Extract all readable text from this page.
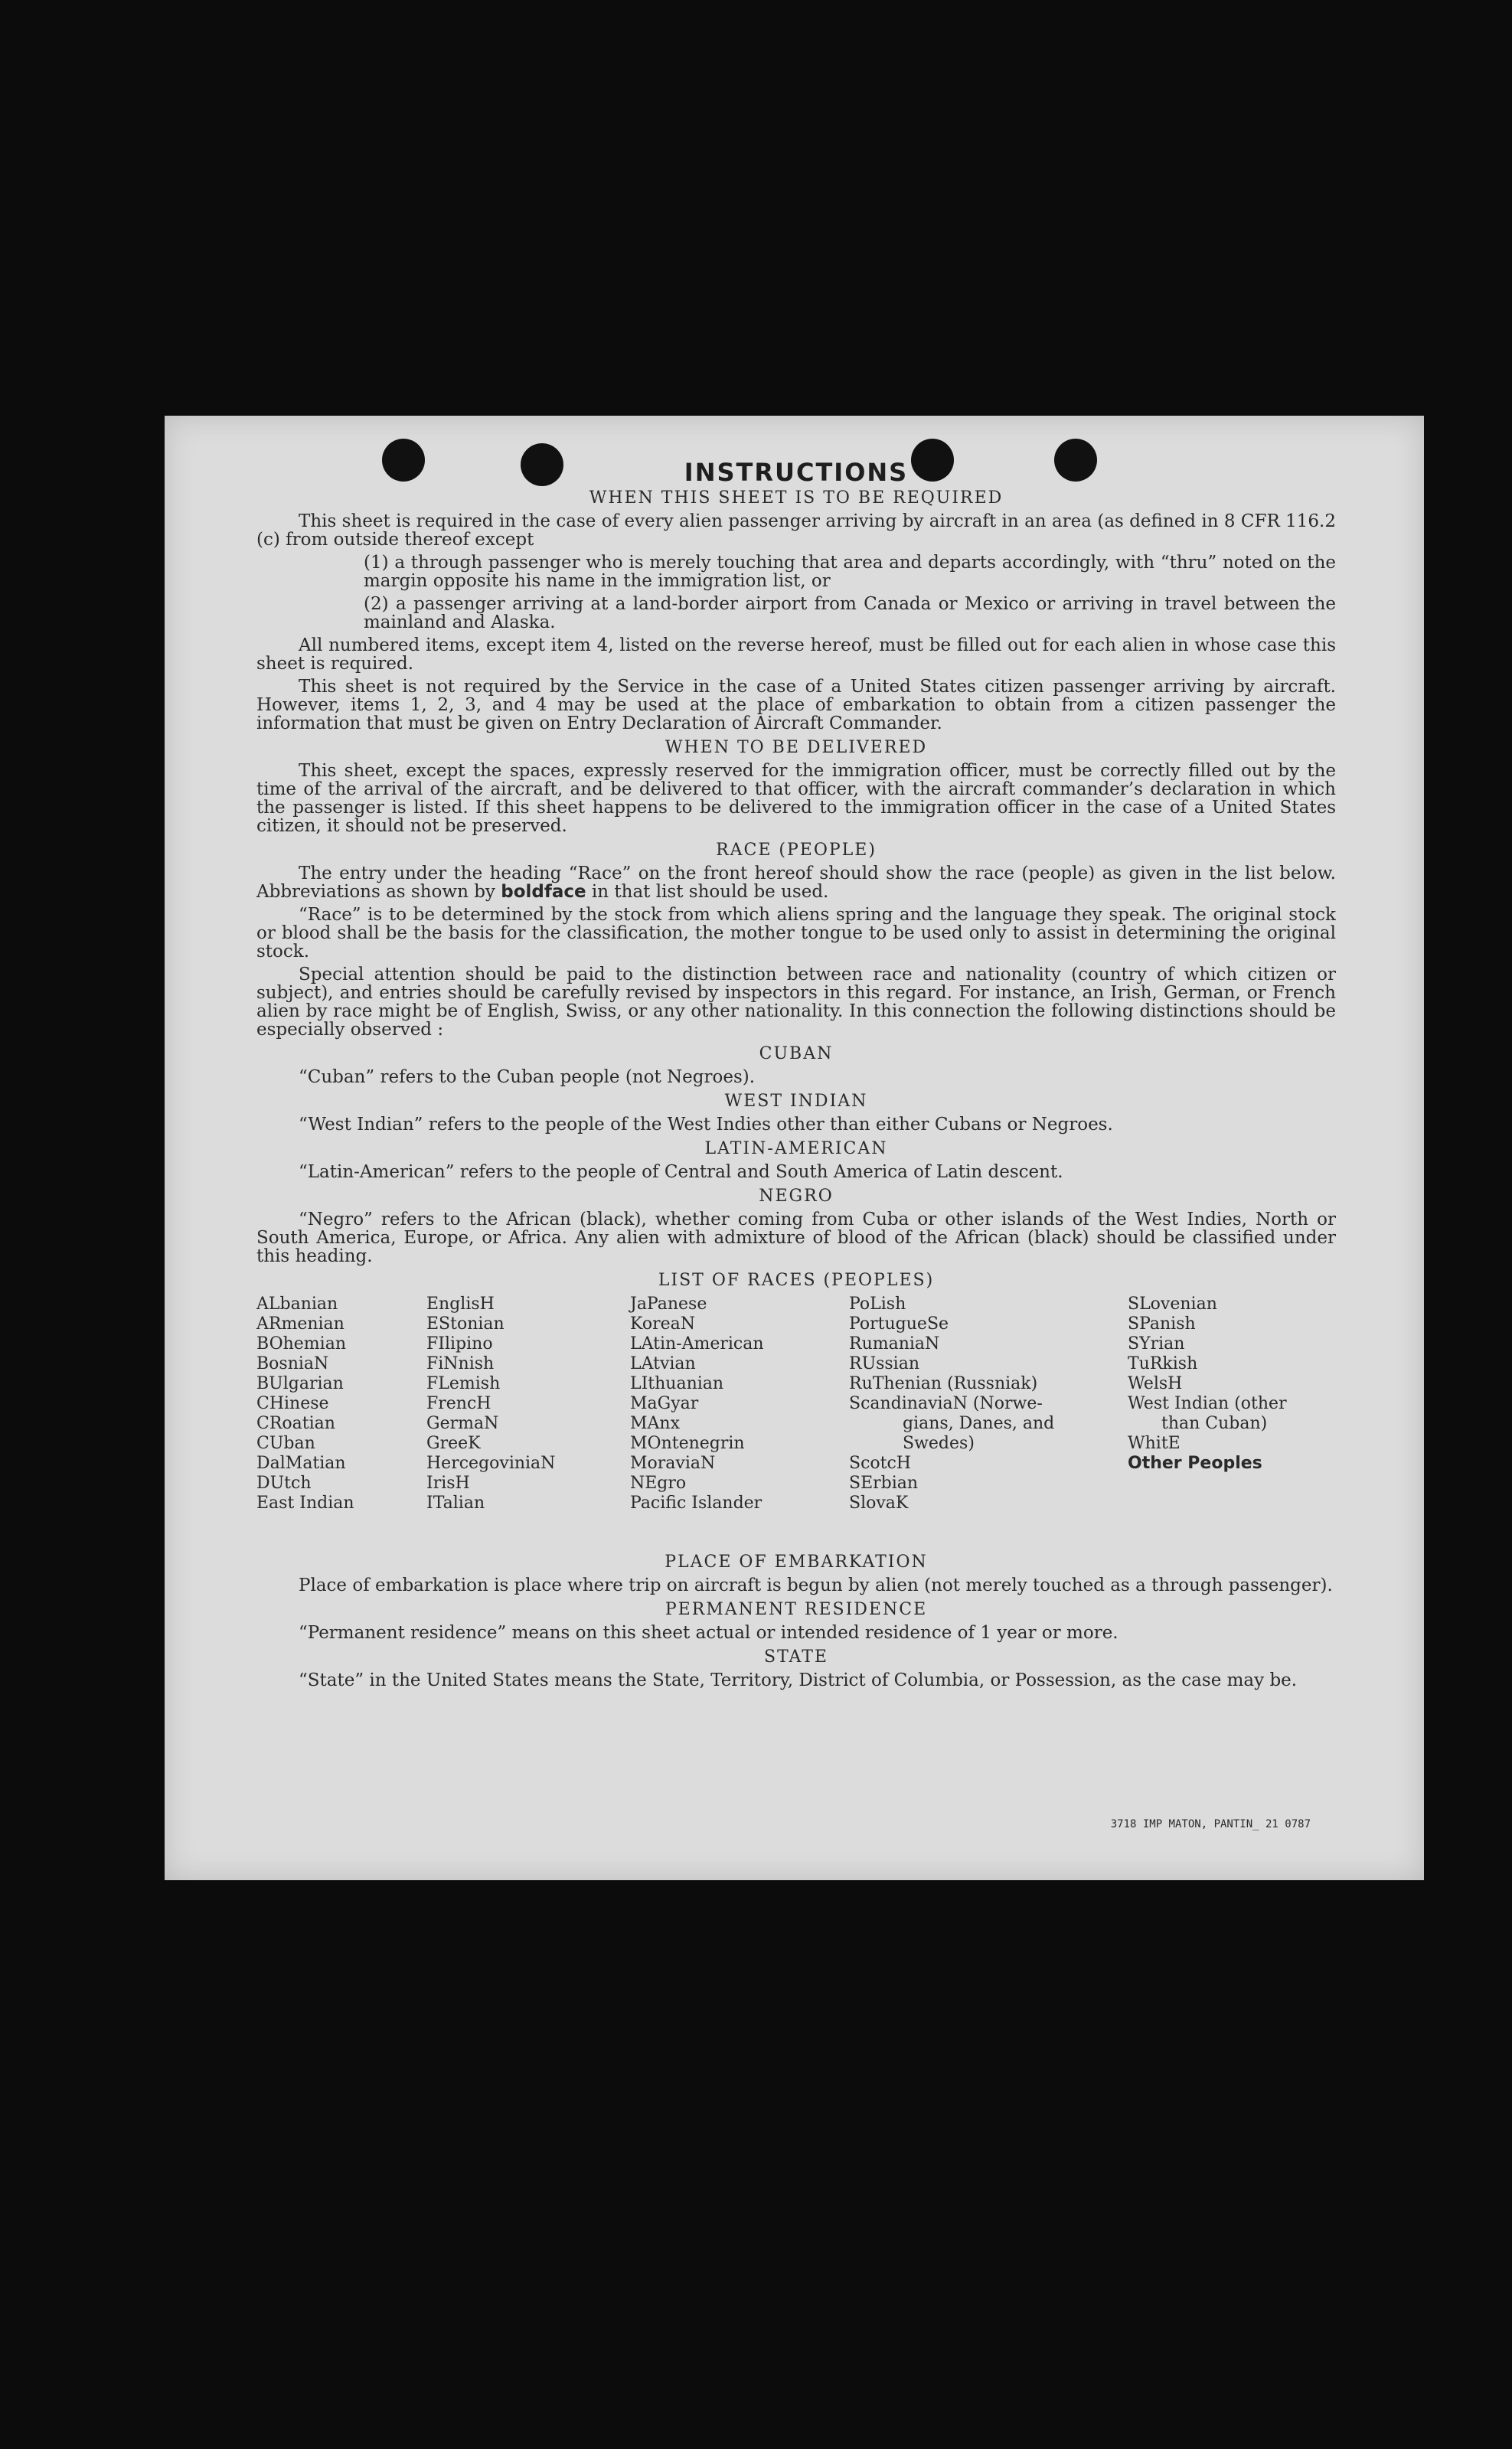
INSTRUCTIONS
WHEN THIS SHEET IS TO BE REQUIRED

This sheet is required in the case of every alien passenger arriving by aircraft in an area (as defined in 8 CFR 116.2 (c) from outside thereof except

(1) a through passenger who is merely touching that area and departs accordingly, with “thru” noted on the margin opposite his name in the immigration list, or

(2) a passenger arriving at a land-border airport from Canada or Mexico or arriving in travel between the mainland and Alaska.

All numbered items, except item 4, listed on the reverse hereof, must be filled out for each alien in whose case this sheet is required.

This sheet is not required by the Service in the case of a United States citizen passenger arriving by aircraft. However, items 1, 2, 3, and 4 may be used at the place of embarkation to obtain from a citizen passenger the information that must be given on Entry Declaration of Aircraft Commander.

WHEN TO BE DELIVERED

This sheet, except the spaces, expressly reserved for the immigration officer, must be correctly filled out by the time of the arrival of the aircraft, and be delivered to that officer, with the aircraft commander’s declaration in which the passenger is listed. If this sheet happens to be delivered to the immigration officer in the case of a United States citizen, it should not be preserved.

RACE (PEOPLE)

The entry under the heading “Race” on the front hereof should show the race (people) as given in the list below. Abbreviations as shown by boldface in that list should be used.

“Race” is to be determined by the stock from which aliens spring and the language they speak. The original stock or blood shall be the basis for the classification, the mother tongue to be used only to assist in determining the original stock.

Special attention should be paid to the distinction between race and nationality (country of which citizen or subject), and entries should be carefully revised by inspectors in this regard. For instance, an Irish, German, or French alien by race might be of English, Swiss, or any other nationality. In this connection the following distinctions should be especially observed :

CUBAN

“Cuban” refers to the Cuban people (not Negroes).

WEST INDIAN

“West Indian” refers to the people of the West Indies other than either Cubans or Negroes.

LATIN-AMERICAN

“Latin-American” refers to the people of Central and South America of Latin descent.

NEGRO

“Negro” refers to the African (black), whether coming from Cuba or other islands of the West Indies, North or South America, Europe, or Africa. Any alien with admixture of blood of the African (black) should be classified under this heading.

LIST OF RACES (PEOPLES)
ALbanian
ARmenian
BOhemian
BosniaN
BUlgarian
CHinese
CRoatian
CUban
DalMatian
DUtch
East Indian
EnglisH
EStonian
FIlipino
FiNnish
FLemish
FrencH
GermaN
GreeK
HercegoviniaN
IrisH
ITalian
JaPanese
KoreaN
LAtin-American
LAtvian
LIthuanian
MaGyar
MAnx
MOntenegrin
MoraviaN
NEgro
Pacific Islander
PoLish
PortugueSe
RumaniaN
RUssian
RuThenian (Russniak)
ScandinaviaN (Norwe-
gians, Danes, and
Swedes)
ScotcH
SErbian
SlovaK
SLovenian
SPanish
SYrian
TuRkish
WelsH
West Indian (other
than Cuban)
WhitE
Other Peoples
PLACE OF EMBARKATION

Place of embarkation is place where trip on aircraft is begun by alien (not merely touched as a through passenger).

PERMANENT RESIDENCE

“Permanent residence” means on this sheet actual or intended residence of 1 year or more.

STATE

“State” in the United States means the State, Territory, District of Columbia, or Possession, as the case may be.

3718 IMP MATON, PANTIN_ 21 0787
